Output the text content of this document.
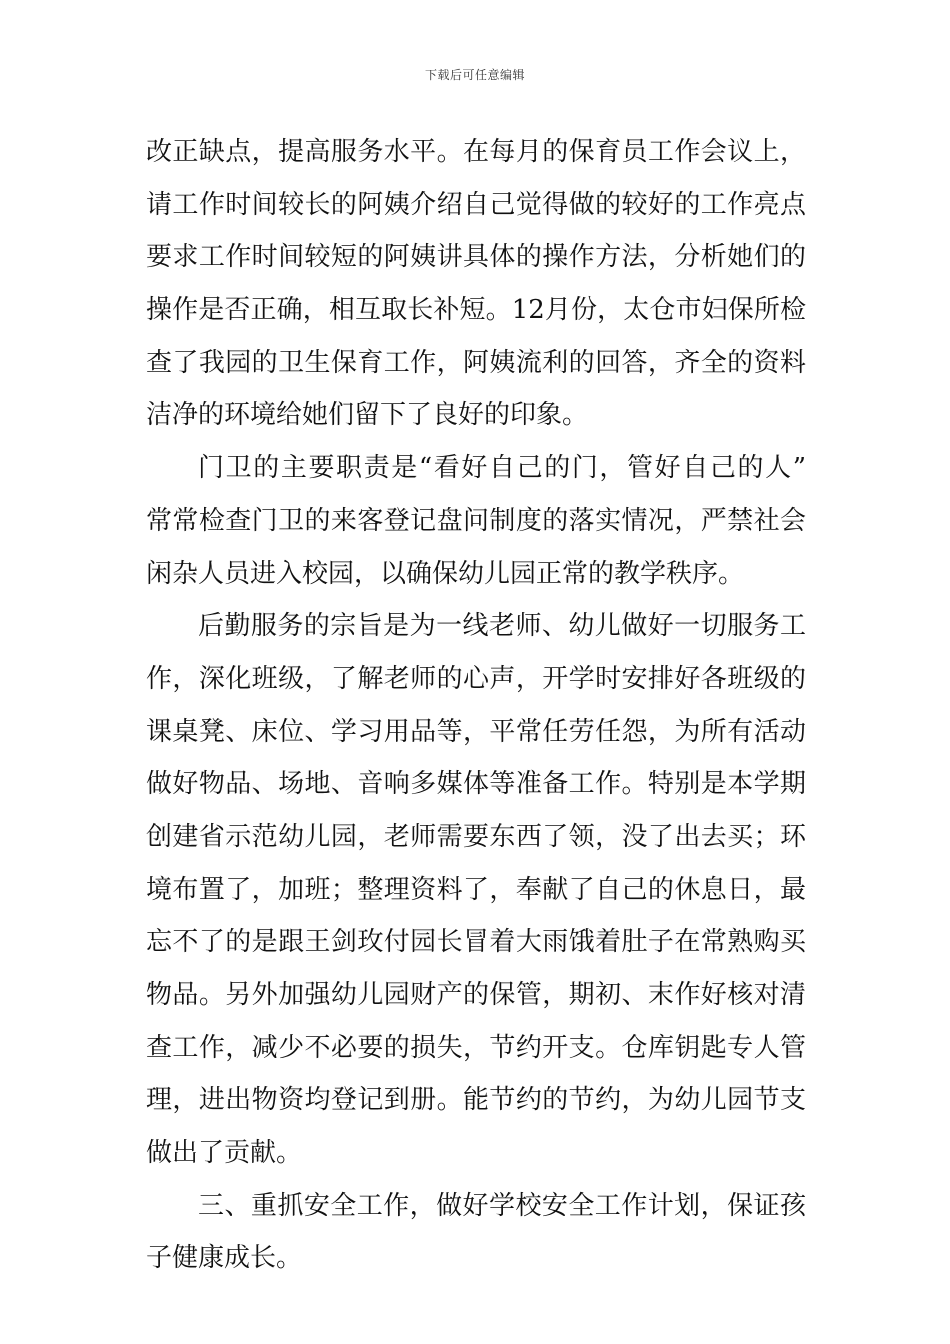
下载后可任意编辑
改正缺点，提高服务水平。在每月的保育员工作会议上，
请工作时间较长的阿姨介绍自己觉得做的较好的工作亮点
要求工作时间较短的阿姨讲具体的操作方法，分析她们的
操作是否正确，相互取长补短。12月份，太仓市妇保所检
查了我园的卫生保育工作，阿姨流利的回答，齐全的资料
洁净的环境给她们留下了良好的印象。
门卫的主要职责是“看好自己的门，管好自己的人”
常常检查门卫的来客登记盘问制度的落实情况，严禁社会
闲杂人员进入校园，以确保幼儿园正常的教学秩序。
后勤服务的宗旨是为一线老师、幼儿做好一切服务工
作，深化班级，了解老师的心声，开学时安排好各班级的
课桌凳、床位、学习用品等，平常任劳任怨，为所有活动
做好物品、场地、音响多媒体等准备工作。特别是本学期
创建省示范幼儿园，老师需要东西了领，没了出去买；环
境布置了，加班；整理资料了，奉献了自己的休息日，最
忘不了的是跟王剑玫付园长冒着大雨饿着肚子在常熟购买
物品。另外加强幼儿园财产的保管，期初、末作好核对清
查工作，减少不必要的损失，节约开支。仓库钥匙专人管
理，进出物资均登记到册。能节约的节约，为幼儿园节支
做出了贡献。
三、重抓安全工作，做好学校安全工作计划，保证孩
子健康成长。
